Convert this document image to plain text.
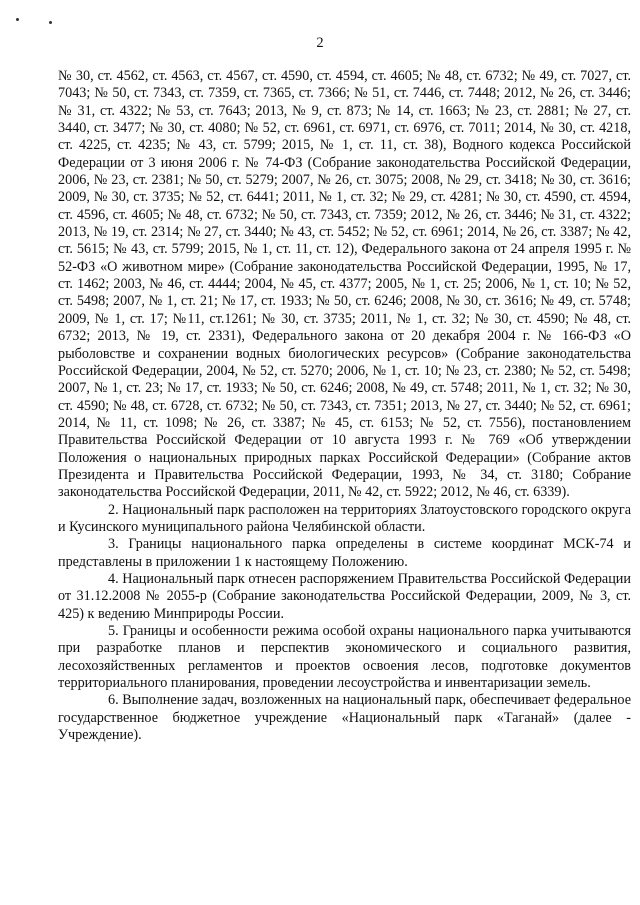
2

№ 30, ст. 4562, ст. 4563, ст. 4567, ст. 4590, ст. 4594, ст. 4605; № 48, ст. 6732; № 49, ст. 7027, ст. 7043; № 50, ст. 7343, ст. 7359, ст. 7365, ст. 7366; № 51, ст. 7446, ст. 7448; 2012, № 26, ст. 3446; № 31, ст. 4322; № 53, ст. 7643; 2013, № 9, ст. 873; № 14, ст. 1663; № 23, ст. 2881; № 27, ст. 3440, ст. 3477; № 30, ст. 4080; № 52, ст. 6961, ст. 6971, ст. 6976, ст. 7011; 2014, № 30, ст. 4218, ст. 4225, ст. 4235; № 43, ст. 5799; 2015, № 1, ст. 11, ст. 38), Водного кодекса Российской Федерации от 3 июня 2006 г. № 74-ФЗ (Собрание законодательства Российской Федерации, 2006, № 23, ст. 2381; № 50, ст. 5279; 2007, № 26, ст. 3075; 2008, № 29, ст. 3418; № 30, ст. 3616; 2009, № 30, ст. 3735; № 52, ст. 6441; 2011, № 1, ст. 32; № 29, ст. 4281; № 30, ст. 4590, ст. 4594, ст. 4596, ст. 4605; № 48, ст. 6732; № 50, ст. 7343, ст. 7359; 2012, № 26, ст. 3446; № 31, ст. 4322; 2013, № 19, ст. 2314; № 27, ст. 3440; № 43, ст. 5452; № 52, ст. 6961; 2014, № 26, ст. 3387; № 42, ст. 5615; № 43, ст. 5799; 2015, № 1, ст. 11, ст. 12), Федерального закона от 24 апреля 1995 г. № 52-ФЗ «О животном мире» (Собрание законодательства Российской Федерации, 1995, № 17, ст. 1462; 2003, № 46, ст. 4444; 2004, № 45, ст. 4377; 2005, № 1, ст. 25; 2006, № 1, ст. 10; № 52, ст. 5498; 2007, № 1, ст. 21; № 17, ст. 1933; № 50, ст. 6246; 2008, № 30, ст. 3616; № 49, ст. 5748; 2009, № 1, ст. 17; №11, ст.1261; № 30, ст. 3735; 2011, № 1, ст. 32; № 30, ст. 4590; № 48, ст. 6732; 2013, № 19, ст. 2331), Федерального закона от 20 декабря 2004 г. № 166-ФЗ «О рыболовстве и сохранении водных биологических ресурсов» (Собрание законодательства Российской Федерации, 2004, № 52, ст. 5270; 2006, № 1, ст. 10; № 23, ст. 2380; № 52, ст. 5498; 2007, № 1, ст. 23; № 17, ст. 1933; № 50, ст. 6246; 2008, № 49, ст. 5748; 2011, № 1, ст. 32; № 30, ст. 4590; № 48, ст. 6728, ст. 6732; № 50, ст. 7343, ст. 7351; 2013, № 27, ст. 3440; № 52, ст. 6961; 2014, № 11, ст. 1098; № 26, ст. 3387; № 45, ст. 6153; № 52, ст. 7556), постановлением Правительства Российской Федерации от 10 августа 1993 г. № 769 «Об утверждении Положения о национальных природных парках Российской Федерации» (Собрание актов Президента и Правительства Российской Федерации, 1993, № 34, ст. 3180; Собрание законодательства Российской Федерации, 2011, № 42, ст. 5922; 2012, № 46, ст. 6339).

2. Национальный парк расположен на территориях Златоустовского городского округа и Кусинского муниципального района Челябинской области.

3. Границы национального парка определены в системе координат МСК-74 и представлены в приложении 1 к настоящему Положению.

4. Национальный парк отнесен распоряжением Правительства Российской Федерации от 31.12.2008 № 2055-р (Собрание законодательства Российской Федерации, 2009, № 3, ст. 425) к ведению Минприроды России.

5. Границы и особенности режима особой охраны национального парка учитываются при разработке планов и перспектив экономического и социального развития, лесохозяйственных регламентов и проектов освоения лесов, подготовке документов территориального планирования, проведении лесоустройства и инвентаризации земель.

6. Выполнение задач, возложенных на национальный парк, обеспечивает федеральное государственное бюджетное учреждение «Национальный парк «Таганай» (далее - Учреждение).
